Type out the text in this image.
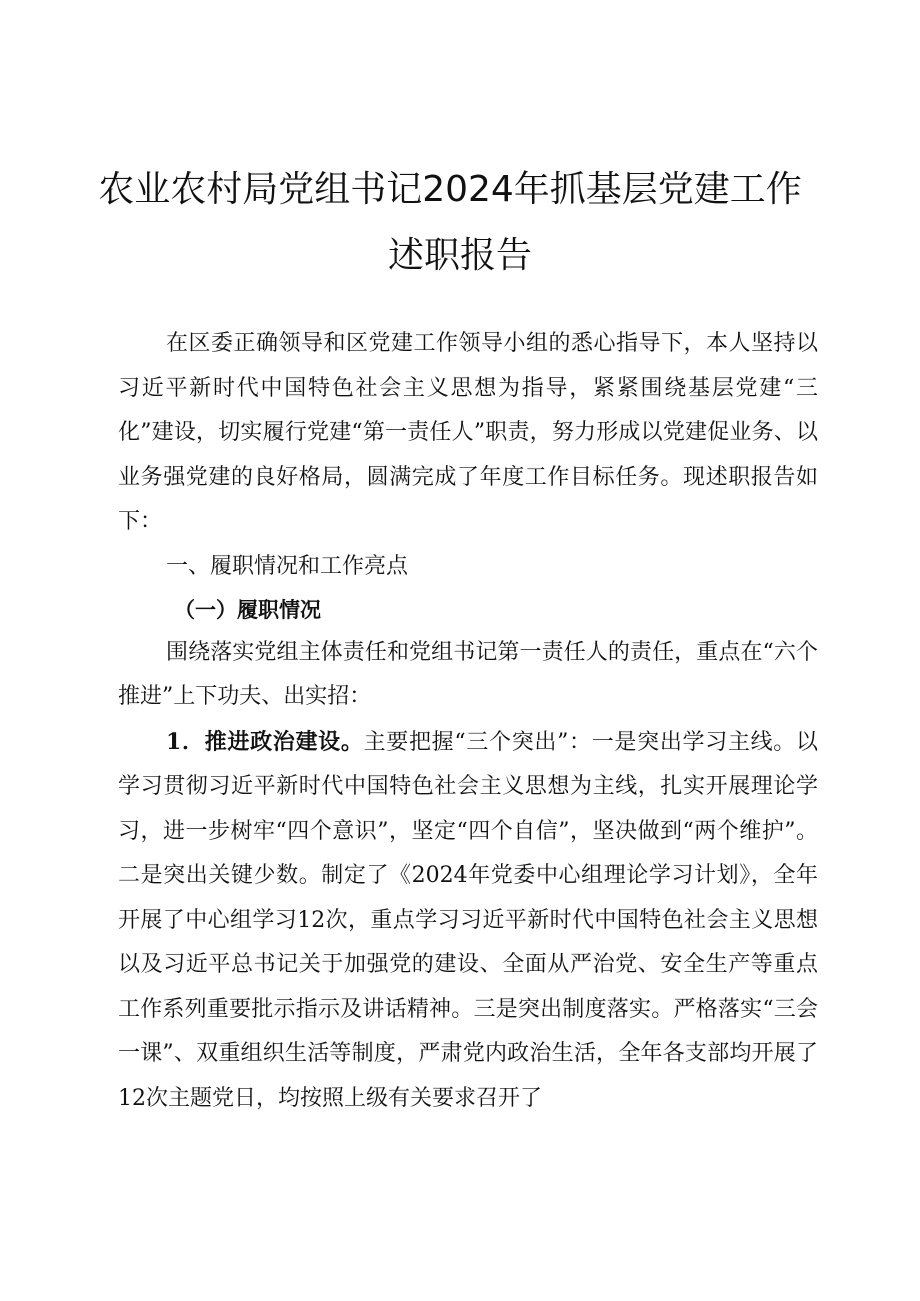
农业农村局党组书记2024年抓基层党建工作
述职报告

在区委正确领导和区党建工作领导小组的悉心指导下，本人坚持以习近平新时代中国特色社会主义思想为指导，紧紧围绕基层党建“三化”建设，切实履行党建“第一责任人”职责，努力形成以党建促业务、以业务强党建的良好格局，圆满完成了年度工作目标任务。现述职报告如下：

一、履职情况和工作亮点

（一）履职情况

围绕落实党组主体责任和党组书记第一责任人的责任，重点在“六个推进”上下功夫、出实招：

1．推进政治建设。主要把握“三个突出”：一是突出学习主线。以学习贯彻习近平新时代中国特色社会主义思想为主线，扎实开展理论学习，进一步树牢“四个意识”，坚定“四个自信”，坚决做到“两个维护”。二是突出关键少数。制定了《2024年党委中心组理论学习计划》，全年开展了中心组学习12次，重点学习习近平新时代中国特色社会主义思想以及习近平总书记关于加强党的建设、全面从严治党、安全生产等重点工作系列重要批示指示及讲话精神。三是突出制度落实。严格落实“三会一课”、双重组织生活等制度，严肃党内政治生活，全年各支部均开展了12次主题党日，均按照上级有关要求召开了
